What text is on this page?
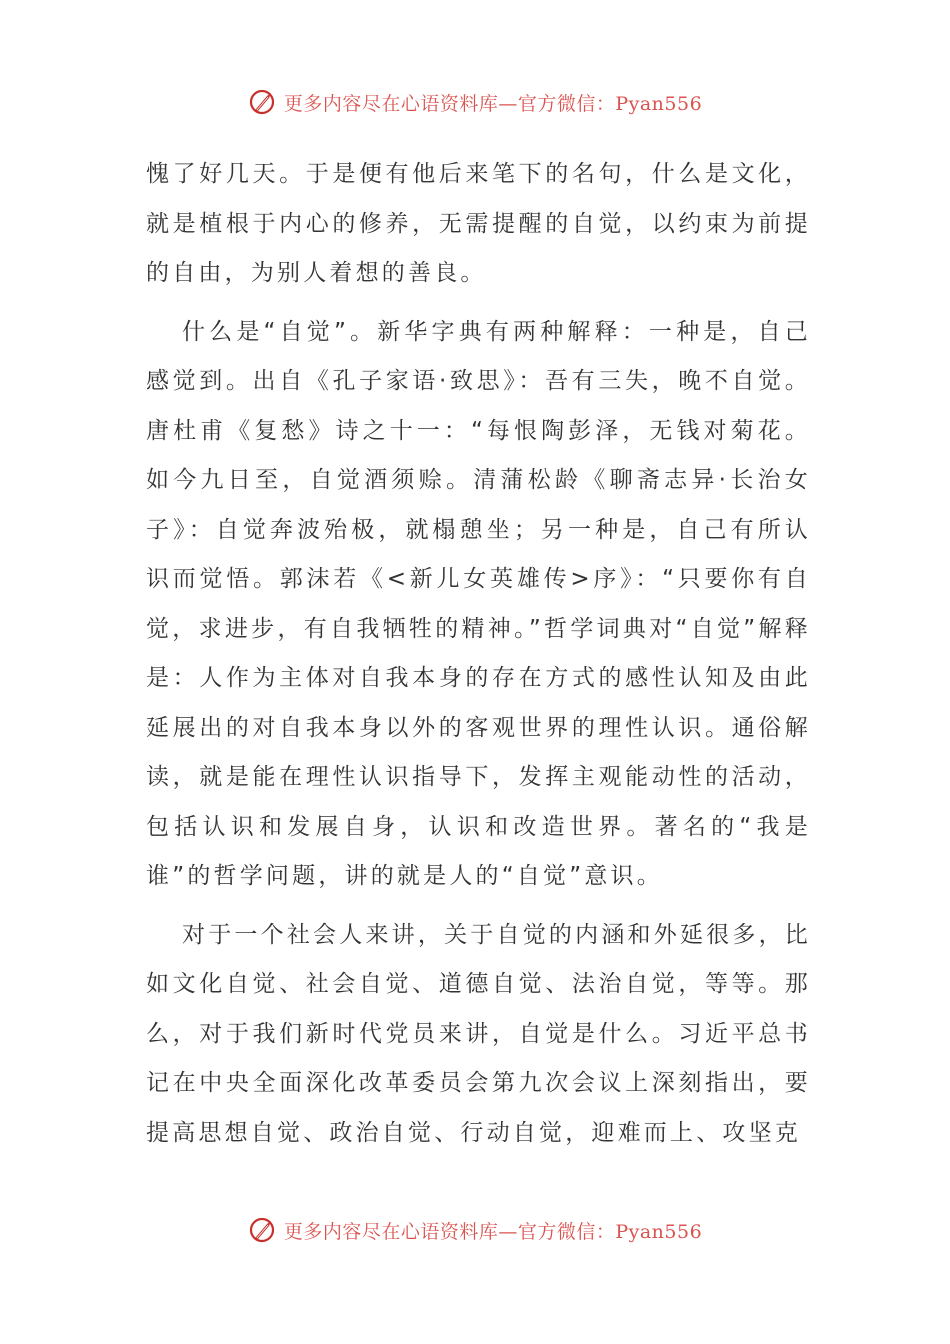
更多内容尽在心语资料库—官方微信：Pyan556

愧了好几天。于是便有他后来笔下的名句，什么是文化，就是植根于内心的修养，无需提醒的自觉，以约束为前提的自由，为别人着想的善良。

什么是“自觉”。新华字典有两种解释：一种是，自己感觉到。出自《孔子家语·致思》：吾有三失，晚不自觉。唐杜甫《复愁》诗之十一：“每恨陶彭泽，无钱对菊花。如今九日至，自觉酒须赊。清蒲松龄《聊斋志异·长治女子》：自觉奔波殆极，就榻憩坐；另一种是，自己有所认识而觉悟。郭沫若《<新儿女英雄传>序》：“只要你有自觉，求进步，有自我牺牲的精神。”哲学词典对“自觉”解释是：人作为主体对自我本身的存在方式的感性认知及由此延展出的对自我本身以外的客观世界的理性认识。通俗解读，就是能在理性认识指导下，发挥主观能动性的活动，包括认识和发展自身，认识和改造世界。著名的“我是谁”的哲学问题，讲的就是人的“自觉”意识。

对于一个社会人来讲，关于自觉的内涵和外延很多，比如文化自觉、社会自觉、道德自觉、法治自觉，等等。那么，对于我们新时代党员来讲，自觉是什么。习近平总书记在中央全面深化改革委员会第九次会议上深刻指出，要提高思想自觉、政治自觉、行动自觉，迎难而上、攻坚克

更多内容尽在心语资料库—官方微信：Pyan556
